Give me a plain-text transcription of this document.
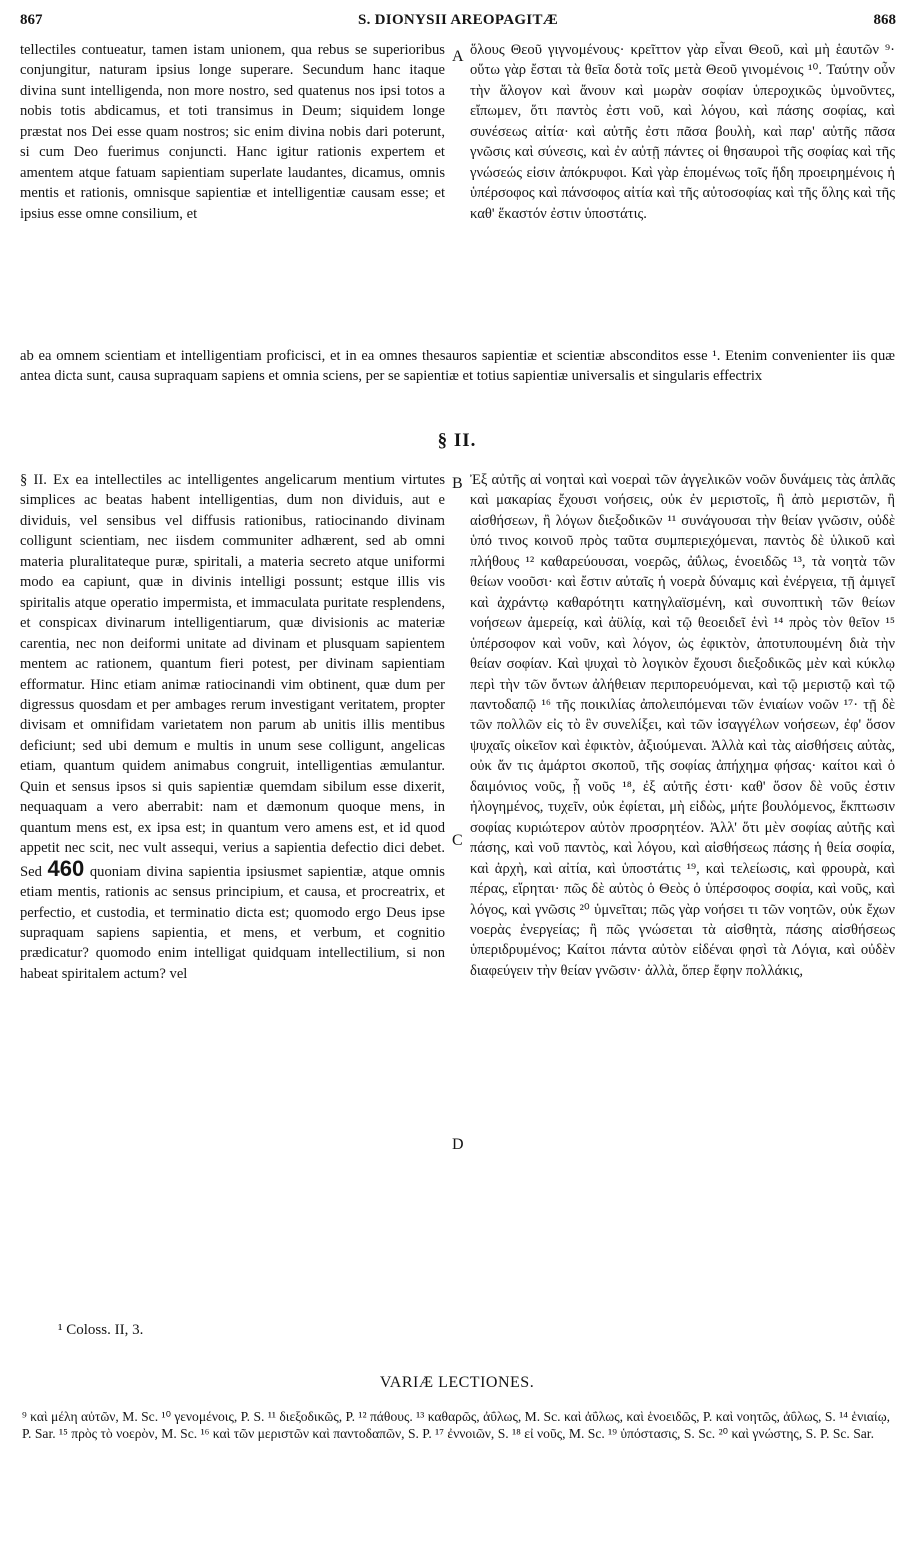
867	S. DIONYSII AREOPAGITÆ	868

tellectiles contueatur, tamen istam unionem, qua rebus se superioribus conjungitur, naturam ipsius longe superare. Secundum hanc itaque divina sunt intelligenda, non more nostro, sed quatenus nos ipsi totos a nobis totis abdicamus, et toti transimus in Deum; siquidem longe præstat nos Dei esse quam nostros; sic enim divina nobis dari poterunt, si cum Deo fuerimus conjuncti. Hanc igitur rationis expertem et amentem atque fatuam sapientiam superlate laudantes, dicamus, omnis mentis et rationis, omnisque sapientiæ et intelligentiæ causam esse; et ipsius esse omne consilium, et

A ὅλους Θεοῦ γιγνομένους· κρεῖττον γὰρ εἶναι Θεοῦ, καὶ μὴ ἑαυτῶν ⁹· οὕτω γὰρ ἔσται τὰ θεῖα δοτὰ τοῖς μετὰ Θεοῦ γινομένοις ¹⁰. Ταύτην οὖν τὴν ἄλογον καὶ ἄνουν καὶ μωρὰν σοφίαν ὑπεροχικῶς ὑμνοῦντες, εἴπωμεν, ὅτι παντὸς ἐστι νοῦ, καὶ λόγου, καὶ πάσης σοφίας, καὶ συνέσεως αἰτία· καὶ αὐτῆς ἐστι πᾶσα βουλὴ, καὶ παρ' αὐτῆς πᾶσα γνῶσις καὶ σύνεσις, καὶ ἐν αὐτῇ πάντες οἱ θησαυροὶ τῆς σοφίας καὶ τῆς γνώσεώς εἰσιν ἀπόκρυφοι. Καὶ γὰρ ἑπομένως τοῖς ἤδη προειρημένοις ἡ ὑπέρσοφος καὶ πάνσοφος αἰτία καὶ τῆς αὐτοσοφίας καὶ τῆς ὅλης καὶ τῆς καθ' ἕκαστόν ἐστιν ὑποστάτις.

ab ea omnem scientiam et intelligentiam proficisci, et in ea omnes thesauros sapientiæ et scientiæ absconditos esse ¹. Etenim convenienter iis quæ antea dicta sunt, causa supraquam sapiens et omnia sciens, per se sapientiæ et totius sapientiæ universalis et singularis effectrix

§ II.

§ II. Ex ea intellectiles ac intelligentes angelicarum mentium virtutes simplices ac beatas habent intelligentias, dum non dividuis, aut e dividuis, vel sensibus vel diffusis rationibus, ratiocinando divinam colligunt scientiam, nec iisdem communiter adhærent, sed ab omni materia pluralitateque puræ, spiritali, a materia secreto atque uniformi modo ea capiunt, quæ in divinis intelligi possunt; estque illis vis spiritalis atque operatio impermista, et immaculata puritate resplendens, et conspicax divinarum intelligentiarum, quæ divisionis ac materiæ carentia, nec non deiformi unitate ad divinam et plusquam sapientem mentem ac rationem, quantum fieri potest, per divinam sapientiam efformatur. Hinc etiam animæ ratiocinandi vim obtinent, quæ dum per digressus quosdam et per ambages rerum investigant veritatem, propter divisam et omnifidam varietatem non parum ab unitis illis mentibus deficiunt; sed ubi demum e multis in unum sese colligunt, angelicas etiam, quantum quidem animabus congruit, intelligentias æmulantur. Quin et sensus ipsos si quis sapientiæ quemdam sibilum esse dixerit, nequaquam a vero aberrabit: nam et dæmonum quoque mens, in quantum mens est, ex ipsa est; in quantum vero amens est, et id quod appetit nec scit, nec vult assequi, verius a sapientia defectio dici debet. Sed 460 quoniam divina sapientia ipsiusmet sapientiæ, atque omnis etiam mentis, rationis ac sensus principium, et causa, et procreatrix, et perfectio, et custodia, et terminatio dicta est; quomodo ergo Deus ipse supraquam sapiens sapientia, et mens, et verbum, et cognitio prædicatur? quomodo enim intelligat quidquam intellectilium, si non habeat spiritalem actum? vel

B
C
D

Ἐξ αὐτῆς αἱ νοηταὶ καὶ νοεραὶ τῶν ἀγγελικῶν νοῶν δυνάμεις τὰς ἁπλᾶς καὶ μακαρίας ἔχουσι νοήσεις, οὐκ ἐν μεριστοῖς, ἢ ἀπὸ μεριστῶν, ἢ αἰσθήσεων, ἢ λόγων διεξοδικῶν ¹¹ συνάγουσαι τὴν θείαν γνῶσιν, οὐδὲ ὑπό τινος κοινοῦ πρὸς ταῦτα συμπεριεχόμεναι, παντὸς δὲ ὑλικοῦ καὶ πλήθους ¹² καθαρεύουσαι, νοερῶς, ἀΰλως, ἑνοειδῶς ¹³, τὰ νοητὰ τῶν θείων νοοῦσι· καὶ ἔστιν αὐταῖς ἡ νοερὰ δύναμις καὶ ἐνέργεια, τῇ ἀμιγεῖ καὶ ἀχράντῳ καθαρότητι κατηγλαϊσμένη, καὶ συνοπτικὴ τῶν θείων νοήσεων ἀμερείᾳ, καὶ ἀϋλίᾳ, καὶ τῷ θεοειδεῖ ἑνὶ ¹⁴ πρὸς τὸν θεῖον ¹⁵ ὑπέρσοφον καὶ νοῦν, καὶ λόγον, ὡς ἐφικτὸν, ἀποτυπουμένη διὰ τὴν θείαν σοφίαν. Καὶ ψυχαὶ τὸ λογικὸν ἔχουσι διεξοδικῶς μὲν καὶ κύκλῳ περὶ τὴν τῶν ὄντων ἀλήθειαν περιπορευόμεναι, καὶ τῷ μεριστῷ καὶ τῷ παντοδαπῷ ¹⁶ τῆς ποικιλίας ἀπολειπόμεναι τῶν ἑνιαίων νοῶν ¹⁷· τῇ δὲ τῶν πολλῶν εἰς τὸ ἓν συνελίξει, καὶ τῶν ἰσαγγέλων νοήσεων, ἐφ' ὅσον ψυχαῖς οἰκεῖον καὶ ἐφικτὸν, ἀξιούμεναι. Ἀλλὰ καὶ τὰς αἰσθήσεις αὐτὰς, οὐκ ἄν τις ἁμάρτοι σκοποῦ, τῆς σοφίας ἀπήχημα φήσας· καίτοι καὶ ὁ δαιμόνιος νοῦς, ᾗ νοῦς ¹⁸, ἐξ αὐτῆς ἐστι· καθ' ὅσον δὲ νοῦς ἐστιν ἠλογημένος, τυχεῖν, οὐκ ἐφίεται, μὴ εἰδὼς, μήτε βουλόμενος, ἔκπτωσιν σοφίας κυριώτερον αὐτὸν προσρητέον. Ἀλλ' ὅτι μὲν σοφίας αὐτῆς καὶ πάσης, καὶ νοῦ παντὸς, καὶ λόγου, καὶ αἰσθήσεως πάσης ἡ θεία σοφία, καὶ ἀρχὴ, καὶ αἰτία, καὶ ὑποστάτις ¹⁹, καὶ τελείωσις, καὶ φρουρὰ, καὶ πέρας, εἴρηται· πῶς δὲ αὐτὸς ὁ Θεὸς ὁ ὑπέρσοφος σοφία, καὶ νοῦς, καὶ λόγος, καὶ γνῶσις ²⁰ ὑμνεῖται; πῶς γὰρ νοήσει τι τῶν νοητῶν, οὐκ ἔχων νοερὰς ἐνεργείας; ἢ πῶς γνώσεται τὰ αἰσθητὰ, πάσης αἰσθήσεως ὑπεριδρυμένος; Καίτοι πάντα αὐτὸν εἰδέναι φησὶ τὰ Λόγια, καὶ οὐδὲν διαφεύγειν τὴν θείαν γνῶσιν· ἀλλὰ, ὅπερ ἔφην πολλάκις,

¹ Coloss. II, 3.
VARIÆ LECTIONES.

⁹ καὶ μέλη αὐτῶν, M. Sc. ¹⁰ γενομένοις, P. S. ¹¹ διεξοδικῶς, P. ¹² πάθους. ¹³ καθαρῶς, ἀΰλως, M. Sc. καὶ ἀΰλως, καὶ ἑνοειδῶς, P. καὶ νοητῶς, ἀΰλως, S. ¹⁴ ἑνιαίῳ, P. Sar. ¹⁵ πρὸς τὸ νοερὸν, M. Sc. ¹⁶ καὶ τῶν μεριστῶν καὶ παντοδαπῶν, S. P. ¹⁷ ἐννοιῶν, S. ¹⁸ εἰ νοῦς, M. Sc. ¹⁹ ὑπόστασις, S. Sc. ²⁰ καὶ γνώστης, S. P. Sc. Sar.
